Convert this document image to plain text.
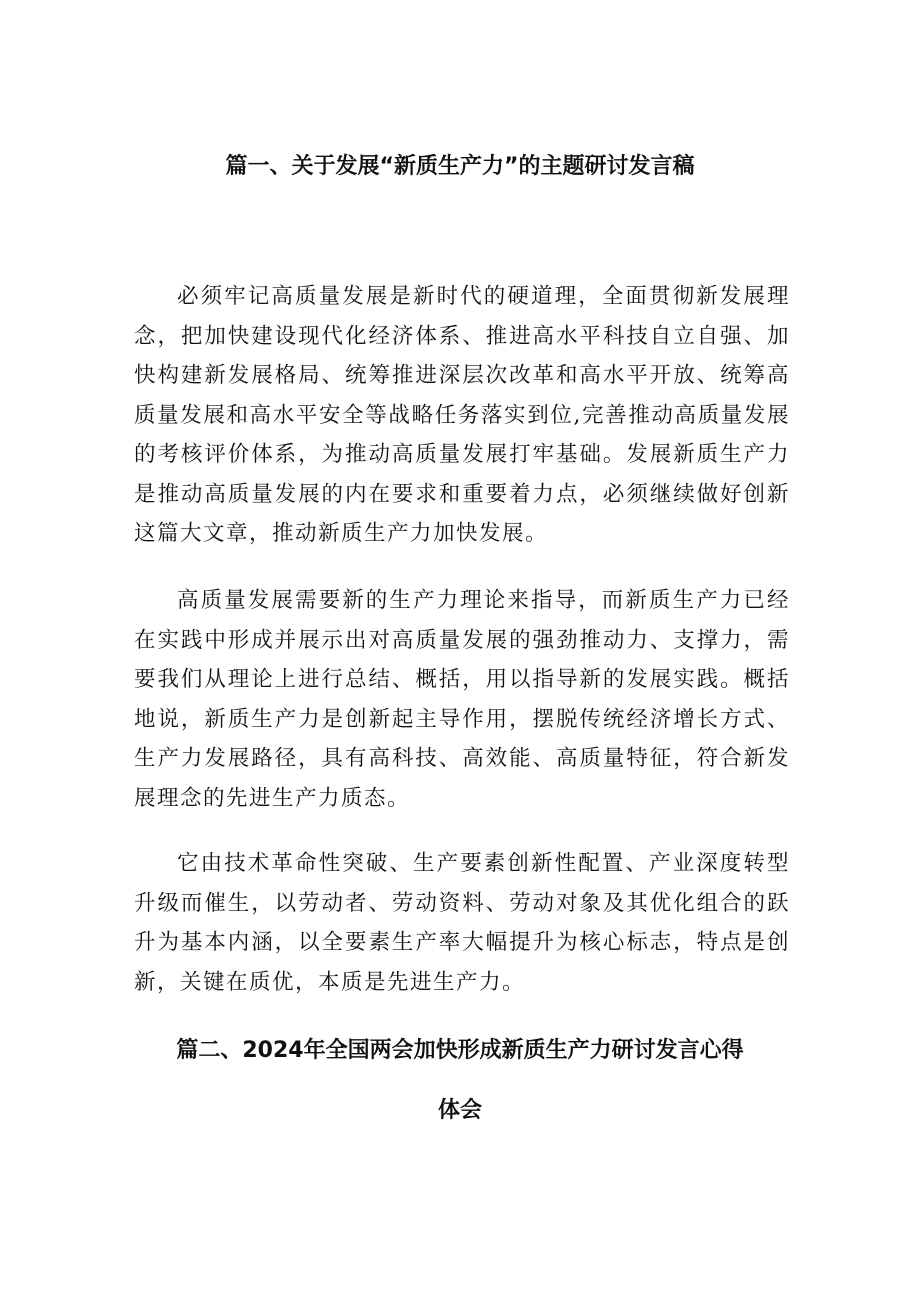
篇一、关于发展“新质生产力”的主题研讨发言稿

必须牢记高质量发展是新时代的硬道理，全面贯彻新发展理念，把加快建设现代化经济体系、推进高水平科技自立自强、加快构建新发展格局、统筹推进深层次改革和高水平开放、统筹高质量发展和高水平安全等战略任务落实到位,完善推动高质量发展的考核评价体系，为推动高质量发展打牢基础。发展新质生产力是推动高质量发展的内在要求和重要着力点，必须继续做好创新这篇大文章，推动新质生产力加快发展。

高质量发展需要新的生产力理论来指导，而新质生产力已经在实践中形成并展示出对高质量发展的强劲推动力、支撑力，需要我们从理论上进行总结、概括，用以指导新的发展实践。概括地说，新质生产力是创新起主导作用，摆脱传统经济增长方式、生产力发展路径，具有高科技、高效能、高质量特征，符合新发展理念的先进生产力质态。

它由技术革命性突破、生产要素创新性配置、产业深度转型升级而催生，以劳动者、劳动资料、劳动对象及其优化组合的跃升为基本内涵，以全要素生产率大幅提升为核心标志，特点是创新，关键在质优，本质是先进生产力。

篇二、2024年全国两会加快形成新质生产力研讨发言心得
体会
